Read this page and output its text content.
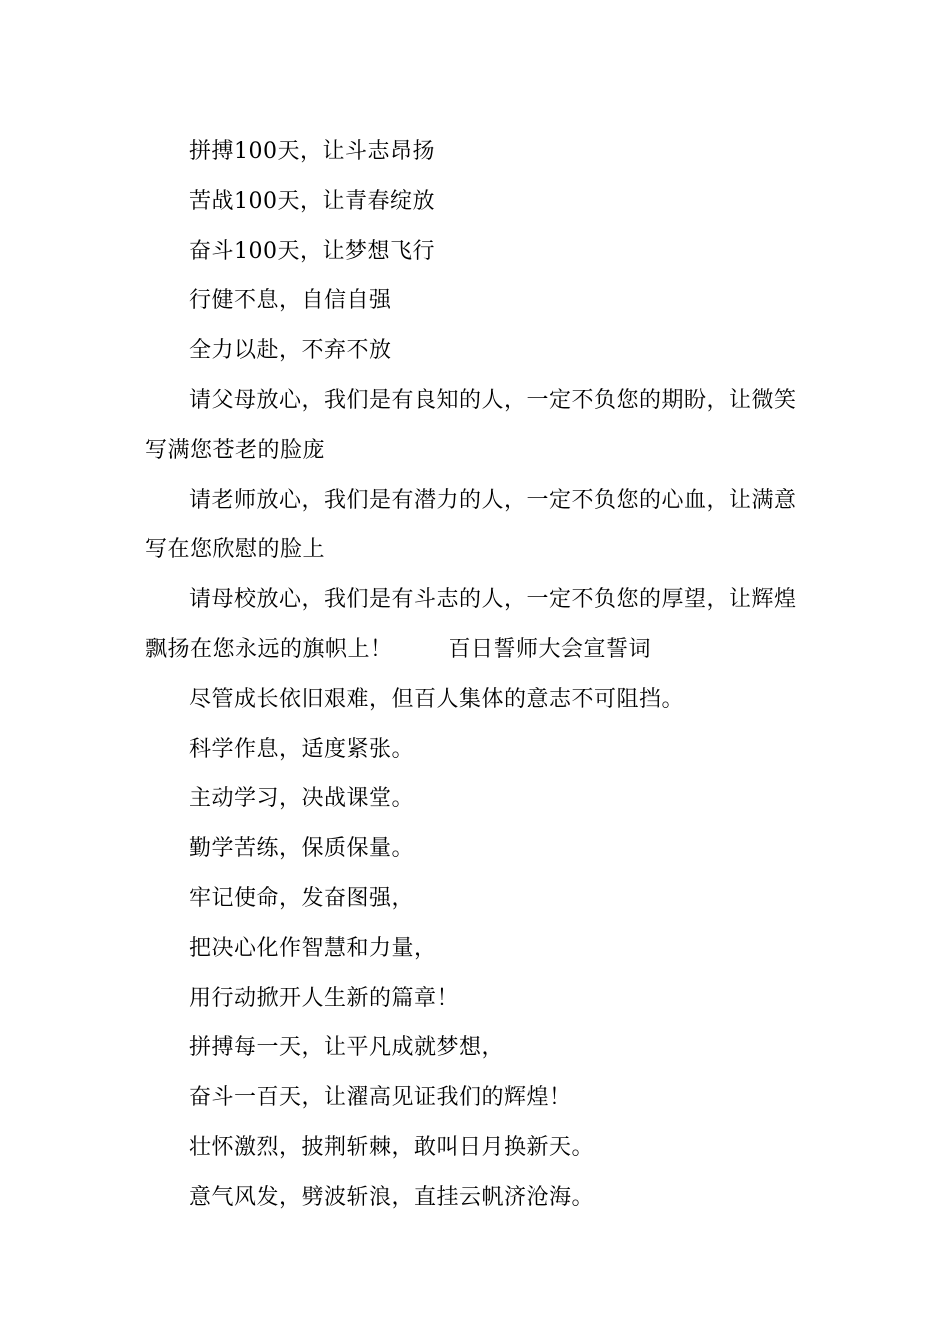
拼搏100天，让斗志昂扬

苦战100天，让青春绽放

奋斗100天，让梦想飞行

行健不息，自信自强

全力以赴，不弃不放

请父母放心，我们是有良知的人，一定不负您的期盼，让微笑
写满您苍老的脸庞

请老师放心，我们是有潜力的人，一定不负您的心血，让满意
写在您欣慰的脸上

请母校放心，我们是有斗志的人，一定不负您的厚望，让辉煌
飘扬在您永远的旗帜上！	百日誓师大会宣誓词

尽管成长依旧艰难，但百人集体的意志不可阻挡。

科学作息，适度紧张。

主动学习，决战课堂。

勤学苦练，保质保量。

牢记使命，发奋图强，

把决心化作智慧和力量，

用行动掀开人生新的篇章！

拼搏每一天，让平凡成就梦想，

奋斗一百天，让濯高见证我们的辉煌！

壮怀激烈，披荆斩棘，敢叫日月换新天。

意气风发，劈波斩浪，直挂云帆济沧海。
